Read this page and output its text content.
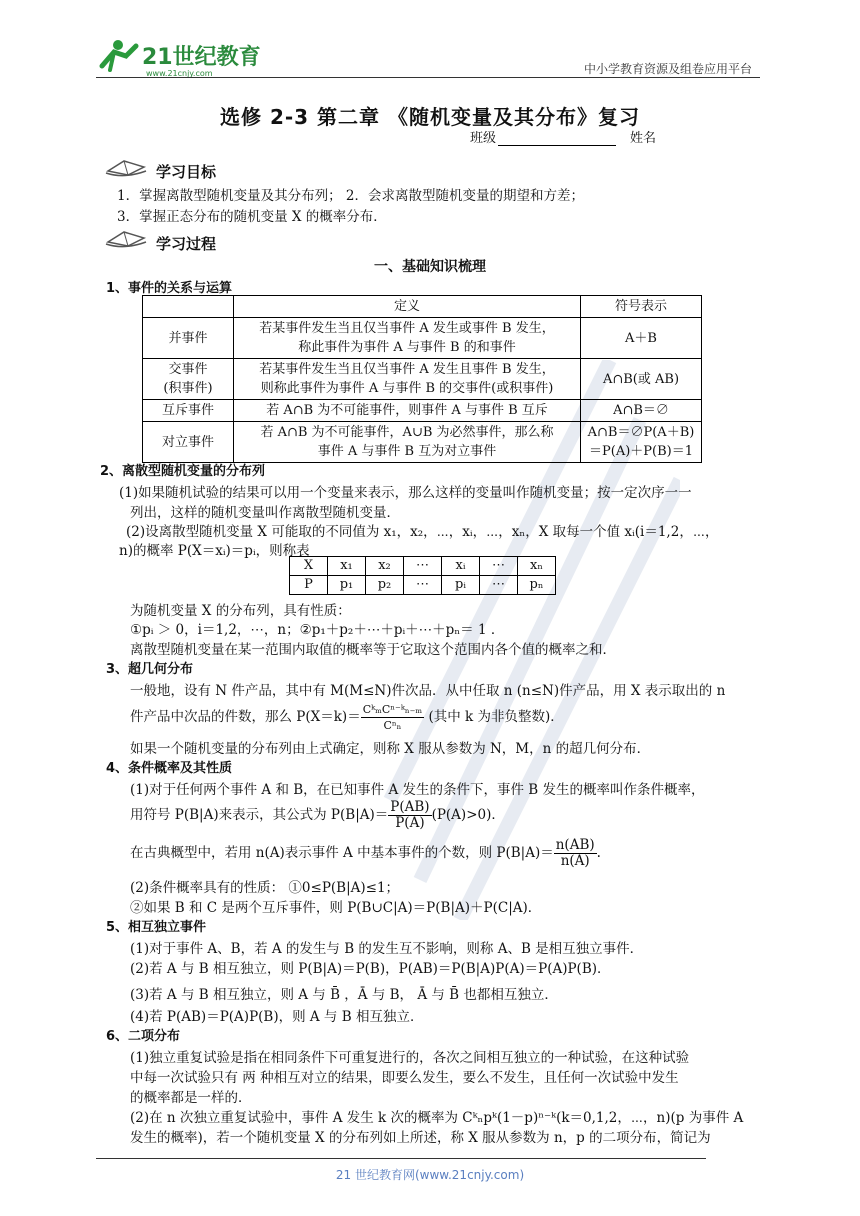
21世纪教育
www.21cnjy.com	中小学教育资源及组卷应用平台
选修 2-3 第二章 《随机变量及其分布》复习
班级	姓名
学习目标
1．掌握离散型随机变量及其分布列； 2．会求离散型随机变量的期望和方差；
3．掌握正态分布的随机变量 X 的概率分布．
学习过程
一、基础知识梳理
1、事件的关系与运算
	定义	符号表示
并事件	若某事件发生当且仅当事件 A 发生或事件 B 发生，
称此事件为事件 A 与事件 B 的和事件	A＋B
交事件
(积事件)	若某事件发生当且仅当事件 A 发生且事件 B 发生，
则称此事件为事件 A 与事件 B 的交事件(或积事件)	A∩B(或 AB)
互斥事件	若 A∩B 为不可能事件，则事件 A 与事件 B 互斥	A∩B＝∅
对立事件	若 A∩B 为不可能事件，A∪B 为必然事件，那么称
事件 A 与事件 B 互为对立事件	A∩B＝∅P(A＋B)
＝P(A)＋P(B)＝1
2、离散型随机变量的分布列
(1)如果随机试验的结果可以用一个变量来表示，那么这样的变量叫作随机变量；按一定次序一一
列出，这样的随机变量叫作离散型随机变量．
(2)设离散型随机变量 X 可能取的不同值为 x₁，x₂，⋯，xᵢ，⋯，xₙ，X 取每一个值 xᵢ(i＝1,2，⋯，
n)的概率 P(X＝xᵢ)＝pᵢ，则称表
X	x₁	x₂	⋯	xᵢ	⋯	xₙ
P	p₁	p₂	⋯	pᵢ	⋯	pₙ
为随机变量 X 的分布列，具有性质：
①pᵢ ＞ 0，i＝1,2，⋯，n；②p₁＋p₂＋⋯＋pᵢ＋⋯＋pₙ＝ 1 ．
离散型随机变量在某一范围内取值的概率等于它取这个范围内各个值的概率之和．
3、超几何分布
一般地，设有 N 件产品，其中有 M(M≤N)件次品．从中任取 n (n≤N)件产品，用 X 表示取出的 n
件产品中次品的件数，那么 $P(X=k)= \frac{\text{CᵏₘCⁿ⁻ᵏₙ₋ₘ}}{\text{Cⁿₙ}}$ (其中 k 为非负整数)．
如果一个随机变量的分布列由上式确定，则称 X 服从参数为 N，M，n 的超几何分布．
4、条件概率及其性质
(1)对于任何两个事件 A 和 B，在已知事件 A 发生的条件下，事件 B 发生的概率叫作条件概率，
用符号 P(B|A)来表示，其公式为 $P(B|A)= \frac{P(AB)}{P(A)} (P(A)>0)$．
在古典概型中，若用 n(A)表示事件 A 中基本事件的个数，则 $P(B|A)= \frac{n(AB)}{n(A)}$ .
(2)条件概率具有的性质： ①0≤P(B|A)≤1；
②如果 B 和 C 是两个互斥事件，则 P(B∪C|A)＝P(B|A)＋P(C|A)．
5、相互独立事件
(1)对于事件 A、B，若 A 的发生与 B 的发生互不影响，则称 A、B 是相互独立事件．
(2)若 A 与 B 相互独立，则 P(B|A)＝P(B)，P(AB)＝P(B|A)P(A)＝P(A)P(B)．
(3)若 A 与 B 相互独立，则 A 与 B̄ ，Ā 与 B， Ā 与 B̄ 也都相互独立．
(4)若 P(AB)＝P(A)P(B)，则 A 与 B 相互独立．
6、二项分布
(1)独立重复试验是指在相同条件下可重复进行的，各次之间相互独立的一种试验，在这种试验
中每一次试验只有 两 种相互对立的结果，即要么发生，要么不发生，且任何一次试验中发生
的概率都是一样的．
(2)在 n 次独立重复试验中，事件 A 发生 k 次的概率为 Cᵏₙpᵏ(1－p)ⁿ⁻ᵏ(k＝0,1,2，⋯，n)(p 为事件 A
发生的概率)，若一个随机变量 X 的分布列如上所述，称 X 服从参数为 n，p 的二项分布，简记为
21 世纪教育网(www.21cnjy.com)
